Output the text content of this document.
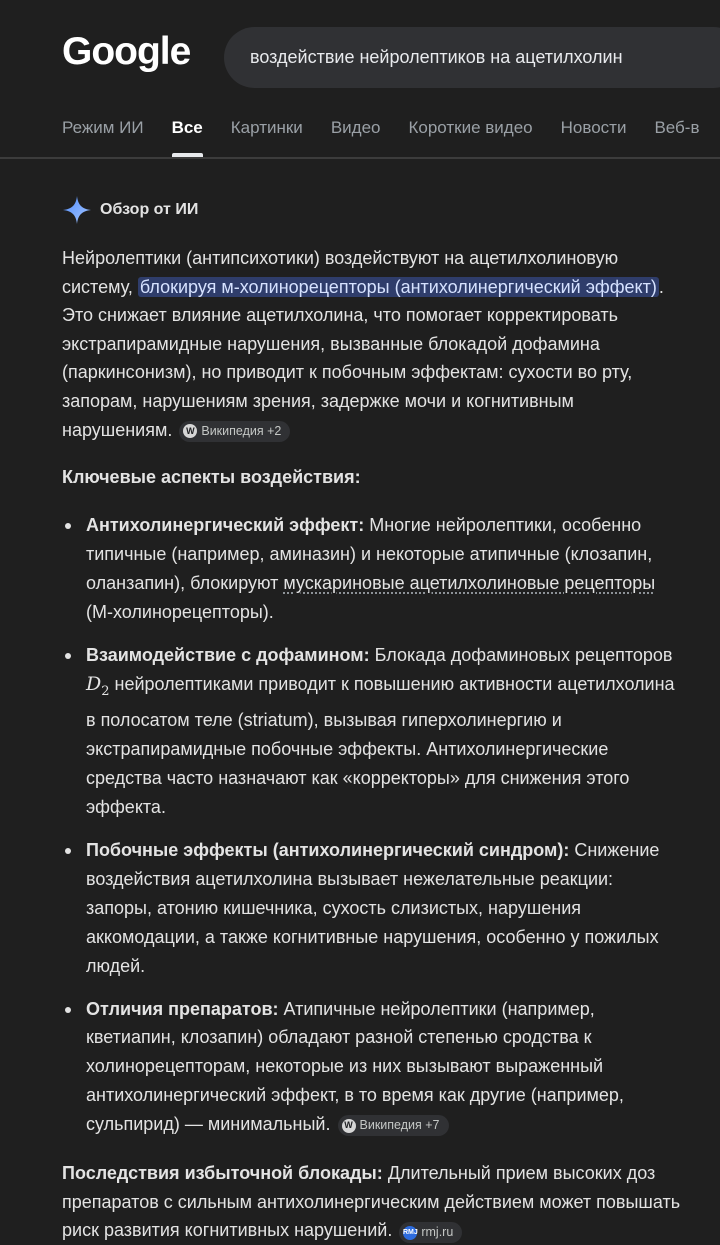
Google	воздействие нейролептиков на ацетилхолин
Режим ИИ Все Картинки Видео Короткие видео Новости Веб-в
Обзор от ИИ

Нейролептики (антипсихотики) воздействуют на ацетилхолиновую систему, блокируя м-холинорецепторы (антихолинергический эффект) . Это снижает влияние ацетилхолина, что помогает корректировать экстрапирамидные нарушения, вызванные блокадой дофамина (паркинсонизм), но приводит к побочным эффектам: сухости во рту, запорам, нарушениям зрения, задержке мочи и когнитивным нарушениям.	W Википедия +2

Ключевые аспекты воздействия:
Антихолинергический эффект: Многие нейролептики, особенно типичные (например, аминазин) и некоторые атипичные (клозапин, оланзапин), блокируют мускариновые ацетилхолиновые рецепторы (М-холинорецепторы).
Взаимодействие с дофамином: Блокада дофаминовых рецепторов $D_2$ нейролептиками приводит к повышению активности ацетилхолина в полосатом теле (striatum), вызывая гиперхолинергию и экстрапирамидные побочные эффекты. Антихолинергические средства часто назначают как «корректоры» для снижения этого эффекта.
Побочные эффекты (антихолинергический синдром): Снижение воздействия ацетилхолина вызывает нежелательные реакции: запоры, атонию кишечника, сухость слизистых, нарушения аккомодации, а также когнитивные нарушения, особенно у пожилых людей.
Отличия препаратов: Атипичные нейролептики (например, кветиапин, клозапин) обладают разной степенью сродства к холинорецепторам, некоторые из них вызывают выраженный антихолинергический эффект, в то время как другие (например, сульпирид) — минимальный.	W Википедия +7

Последствия избыточной блокады: Длительный прием высоких доз препаратов с сильным антихолинергическим действием может повышать риск развития когнитивных нарушений. RMJ rmj.ru
